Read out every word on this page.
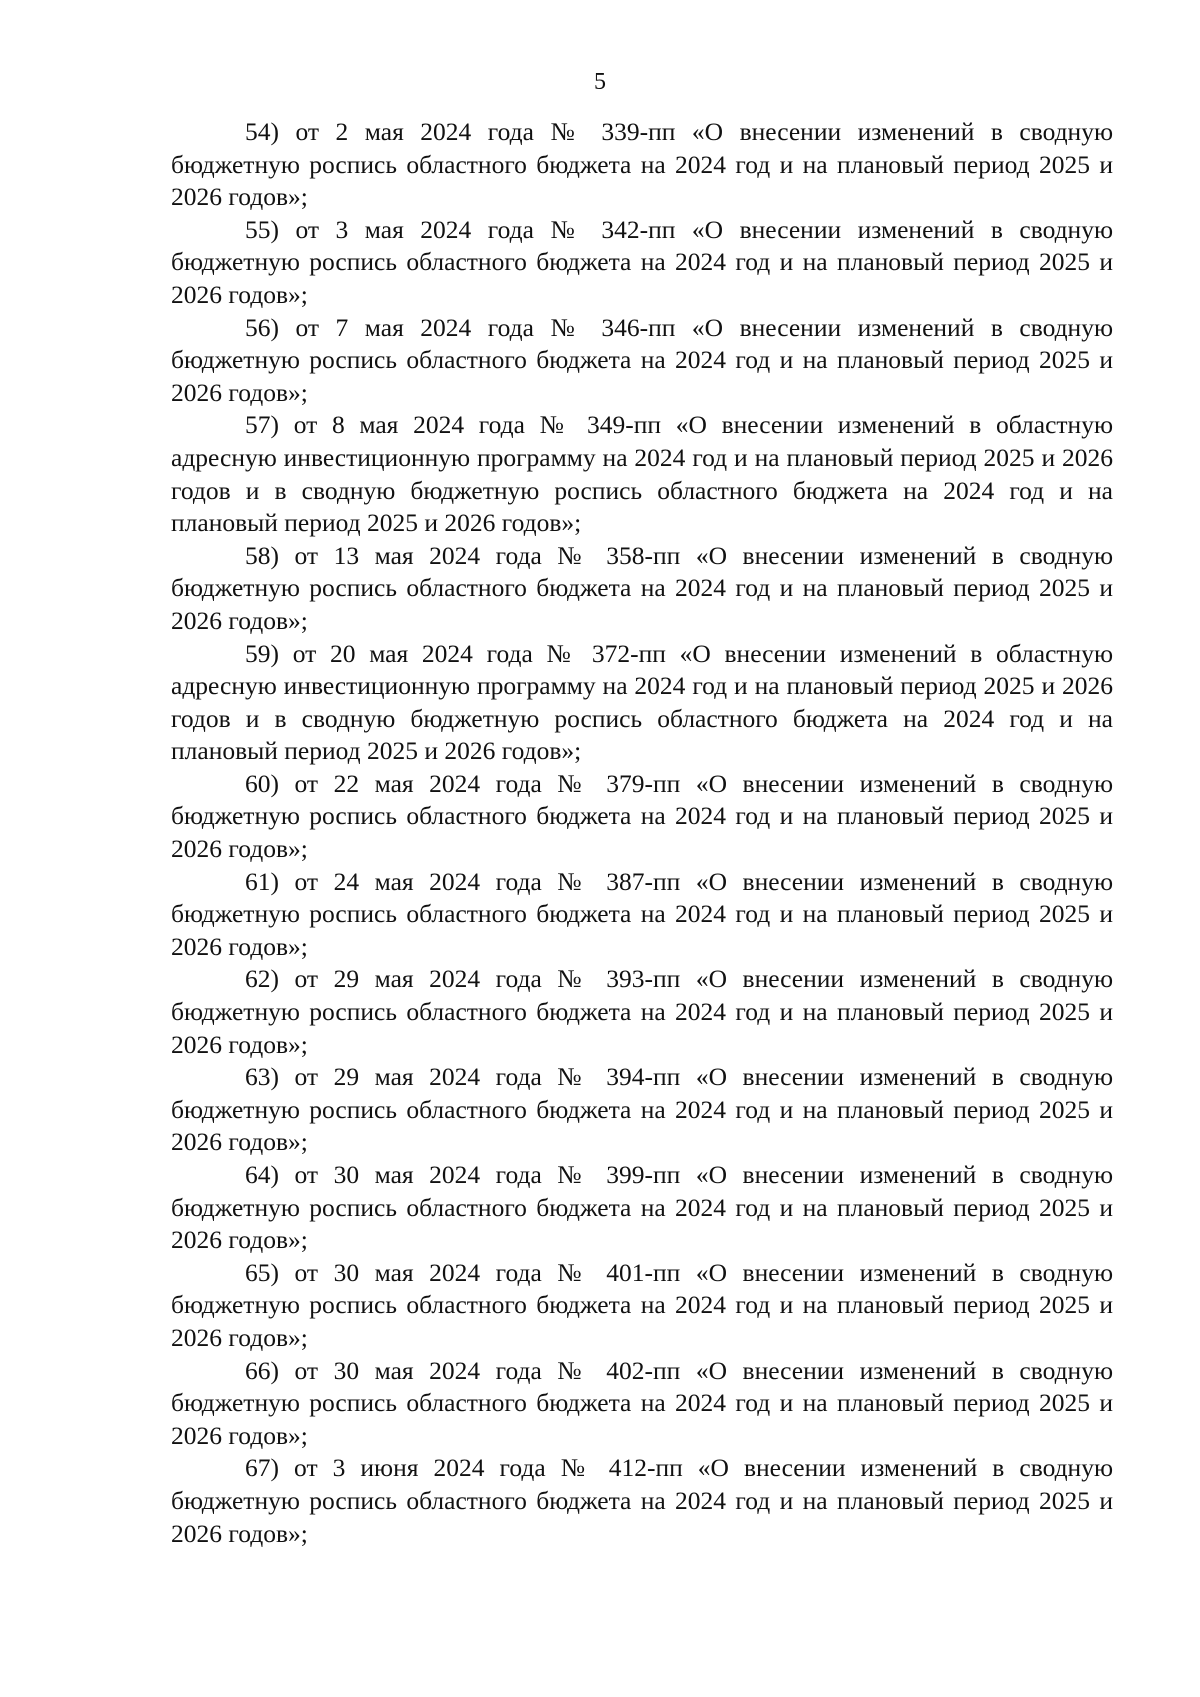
5

54) от 2 мая 2024 года № 339-пп «О внесении изменений в сводную бюджетную роспись областного бюджета на 2024 год и на плановый период 2025 и 2026 годов»;

55) от 3 мая 2024 года № 342-пп «О внесении изменений в сводную бюджетную роспись областного бюджета на 2024 год и на плановый период 2025 и 2026 годов»;

56) от 7 мая 2024 года № 346-пп «О внесении изменений в сводную бюджетную роспись областного бюджета на 2024 год и на плановый период 2025 и 2026 годов»;

57) от 8 мая 2024 года № 349-пп «О внесении изменений в областную адресную инвестиционную программу на 2024 год и на плановый период 2025 и 2026 годов и в сводную бюджетную роспись областного бюджета на 2024 год и на плановый период 2025 и 2026 годов»;

58) от 13 мая 2024 года № 358-пп «О внесении изменений в сводную бюджетную роспись областного бюджета на 2024 год и на плановый период 2025 и 2026 годов»;

59) от 20 мая 2024 года № 372-пп «О внесении изменений в областную адресную инвестиционную программу на 2024 год и на плановый период 2025 и 2026 годов и в сводную бюджетную роспись областного бюджета на 2024 год и на плановый период 2025 и 2026 годов»;

60) от 22 мая 2024 года № 379-пп «О внесении изменений в сводную бюджетную роспись областного бюджета на 2024 год и на плановый период 2025 и 2026 годов»;

61) от 24 мая 2024 года № 387-пп «О внесении изменений в сводную бюджетную роспись областного бюджета на 2024 год и на плановый период 2025 и 2026 годов»;

62) от 29 мая 2024 года № 393-пп «О внесении изменений в сводную бюджетную роспись областного бюджета на 2024 год и на плановый период 2025 и 2026 годов»;

63) от 29 мая 2024 года № 394-пп «О внесении изменений в сводную бюджетную роспись областного бюджета на 2024 год и на плановый период 2025 и 2026 годов»;

64) от 30 мая 2024 года № 399-пп «О внесении изменений в сводную бюджетную роспись областного бюджета на 2024 год и на плановый период 2025 и 2026 годов»;

65) от 30 мая 2024 года № 401-пп «О внесении изменений в сводную бюджетную роспись областного бюджета на 2024 год и на плановый период 2025 и 2026 годов»;

66) от 30 мая 2024 года № 402-пп «О внесении изменений в сводную бюджетную роспись областного бюджета на 2024 год и на плановый период 2025 и 2026 годов»;

67) от 3 июня 2024 года № 412-пп «О внесении изменений в сводную бюджетную роспись областного бюджета на 2024 год и на плановый период 2025 и 2026 годов»;
